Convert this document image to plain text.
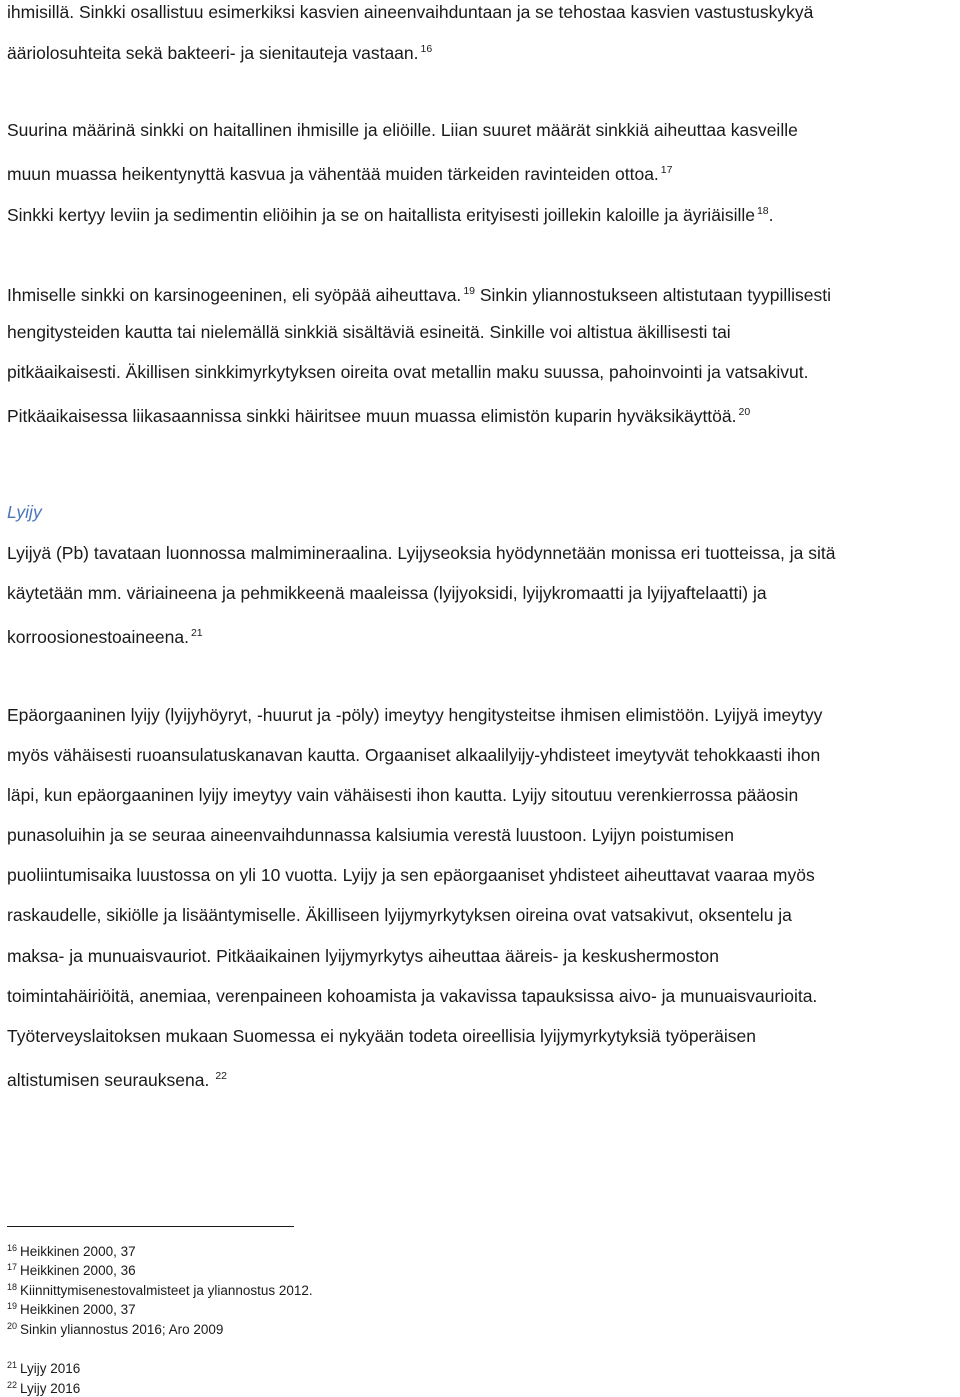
ihmisillä. Sinkki osallistuu esimerkiksi kasvien aineenvaihduntaan ja se tehostaa kasvien vastustuskykyä
ääriolosuhteita sekä bakteeri- ja sienitauteja vastaan. $^{16}$
Suurina määrinä sinkki on haitallinen ihmisille ja eliöille. Liian suuret määrät sinkkiä aiheuttaa kasveille
muun muassa heikentynyttä kasvua ja vähentää muiden tärkeiden ravinteiden ottoa. $^{17}$
Sinkki kertyy leviin ja sedimentin eliöihin ja se on haitallista erityisesti joillekin kaloille ja äyriäisille $^{18}$.
Ihmiselle sinkki on karsinogeeninen, eli syöpää aiheuttava. $^{19}$ Sinkin yliannostukseen altistutaan tyypillisesti
hengitysteiden kautta tai nielemällä sinkkiä sisältäviä esineitä. Sinkille voi altistua äkillisesti tai
pitkäaikaisesti. Äkillisen sinkkimyrkytyksen oireita ovat metallin maku suussa, pahoinvointi ja vatsakivut.
Pitkäaikaisessa liikasaannissa sinkki häiritsee muun muassa elimistön kuparin hyväksikäyttöä. $^{20}$
Lyijy
Lyijyä (Pb) tavataan luonnossa malmimineraalina. Lyijyseoksia hyödynnetään monissa eri tuotteissa, ja sitä
käytetään mm. väriaineena ja pehmikkeenä maaleissa (lyijyoksidi, lyijykromaatti ja lyijyaftelaatti) ja
korroosionestoaineena. $^{21}$
Epäorgaaninen lyijy (lyijyhöyryt, -huurut ja -pöly) imeytyy hengitysteitse ihmisen elimistöön. Lyijyä imeytyy
myös vähäisesti ruoansulatuskanavan kautta. Orgaaniset alkaalilyijy-yhdisteet imeytyvät tehokkaasti ihon
läpi, kun epäorgaaninen lyijy imeytyy vain vähäisesti ihon kautta. Lyijy sitoutuu verenkierrossa pääosin
punasoluihin ja se seuraa aineenvaihdunnassa kalsiumia verestä luustoon. Lyijyn poistumisen
puoliintumisaika luustossa on yli 10 vuotta. Lyijy ja sen epäorgaaniset yhdisteet aiheuttavat vaaraa myös
raskaudelle, sikiölle ja lisääntymiselle. Äkilliseen lyijymyrkytyksen oireina ovat vatsakivut, oksentelu ja
maksa- ja munuaisvauriot. Pitkäaikainen lyijymyrkytys aiheuttaa ääreis- ja keskushermoston
toimintahäiriöitä, anemiaa, verenpaineen kohoamista ja vakavissa tapauksissa aivo- ja munuaisvaurioita.
Työterveyslaitoksen mukaan Suomessa ei nykyään todeta oireellisia lyijymyrkytyksiä työperäisen
altistumisen seurauksena. $^{22}$
$^{16}$ Heikkinen 2000, 37
$^{17}$ Heikkinen 2000, 36
$^{18}$ Kiinnittymisenestovalmisteet ja yliannostus 2012.
$^{19}$ Heikkinen 2000, 37
$^{20}$ Sinkin yliannostus 2016; Aro 2009
$^{21}$ Lyijy 2016
$^{22}$ Lyijy 2016
